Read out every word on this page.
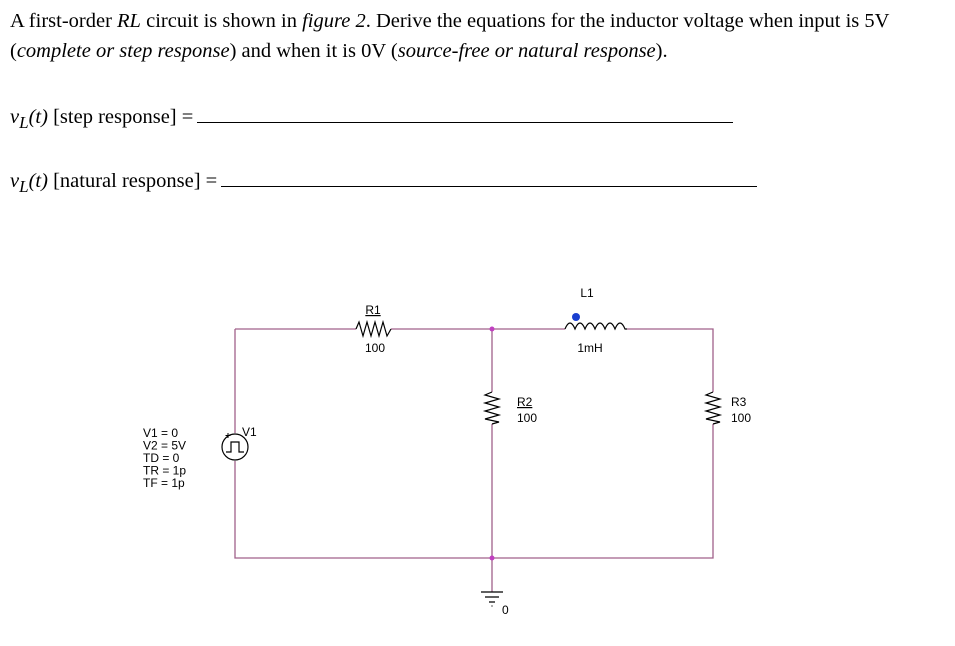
A first-order RL circuit is shown in figure 2. Derive the equations for the inductor voltage when input is 5V (complete or step response) and when it is 0V (source-free or natural response).
$v_L(t)$ [step response] =
$v_L(t)$ [natural response] =
R1
100
L1
1mH
R2
100
R3
100
V1
0
V1 = 0
V2 = 5V
TD = 0
TR = 1p
TF = 1p
